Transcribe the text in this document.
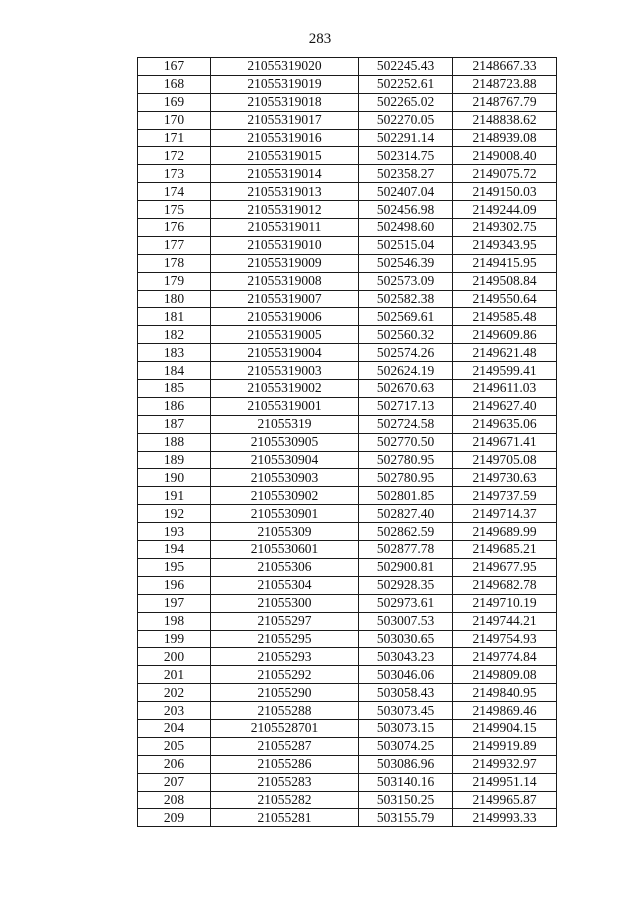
283
167	21055319020	502245.43	2148667.33
168	21055319019	502252.61	2148723.88
169	21055319018	502265.02	2148767.79
170	21055319017	502270.05	2148838.62
171	21055319016	502291.14	2148939.08
172	21055319015	502314.75	2149008.40
173	21055319014	502358.27	2149075.72
174	21055319013	502407.04	2149150.03
175	21055319012	502456.98	2149244.09
176	21055319011	502498.60	2149302.75
177	21055319010	502515.04	2149343.95
178	21055319009	502546.39	2149415.95
179	21055319008	502573.09	2149508.84
180	21055319007	502582.38	2149550.64
181	21055319006	502569.61	2149585.48
182	21055319005	502560.32	2149609.86
183	21055319004	502574.26	2149621.48
184	21055319003	502624.19	2149599.41
185	21055319002	502670.63	2149611.03
186	21055319001	502717.13	2149627.40
187	21055319	502724.58	2149635.06
188	2105530905	502770.50	2149671.41
189	2105530904	502780.95	2149705.08
190	2105530903	502780.95	2149730.63
191	2105530902	502801.85	2149737.59
192	2105530901	502827.40	2149714.37
193	21055309	502862.59	2149689.99
194	2105530601	502877.78	2149685.21
195	21055306	502900.81	2149677.95
196	21055304	502928.35	2149682.78
197	21055300	502973.61	2149710.19
198	21055297	503007.53	2149744.21
199	21055295	503030.65	2149754.93
200	21055293	503043.23	2149774.84
201	21055292	503046.06	2149809.08
202	21055290	503058.43	2149840.95
203	21055288	503073.45	2149869.46
204	2105528701	503073.15	2149904.15
205	21055287	503074.25	2149919.89
206	21055286	503086.96	2149932.97
207	21055283	503140.16	2149951.14
208	21055282	503150.25	2149965.87
209	21055281	503155.79	2149993.33
